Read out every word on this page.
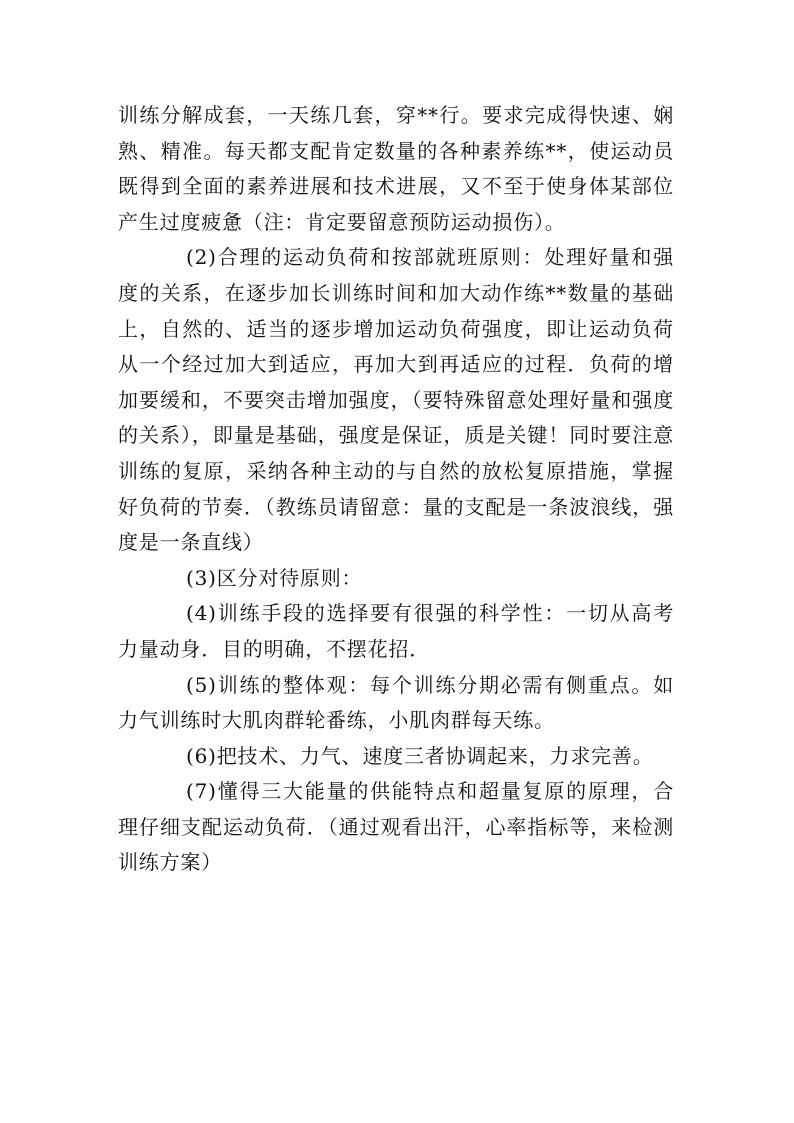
训练分解成套，一天练几套，穿**行。要求完成得快速、娴熟、精准。每天都支配肯定数量的各种素养练**，使运动员既得到全面的素养进展和技术进展，又不至于使身体某部位产生过度疲惫（注：肯定要留意预防运动损伤）。

(2)合理的运动负荷和按部就班原则：处理好量和强度的关系，在逐步加长训练时间和加大动作练**数量的基础上，自然的、适当的逐步增加运动负荷强度，即让运动负荷从一个经过加大到适应，再加大到再适应的过程．负荷的增加要缓和，不要突击增加强度，（要特殊留意处理好量和强度的关系），即量是基础，强度是保证，质是关键！同时要注意训练的复原，采纳各种主动的与自然的放松复原措施，掌握好负荷的节奏．（教练员请留意：量的支配是一条波浪线，强度是一条直线）

(3)区分对待原则：

(4)训练手段的选择要有很强的科学性：一切从高考力量动身．目的明确，不摆花招．

(5)训练的整体观：每个训练分期必需有侧重点。如力气训练时大肌肉群轮番练，小肌肉群每天练。

(6)把技术、力气、速度三者协调起来，力求完善。

(7)懂得三大能量的供能特点和超量复原的原理，合理仔细支配运动负荷．（通过观看出汗，心率指标等，来检测训练方案）
